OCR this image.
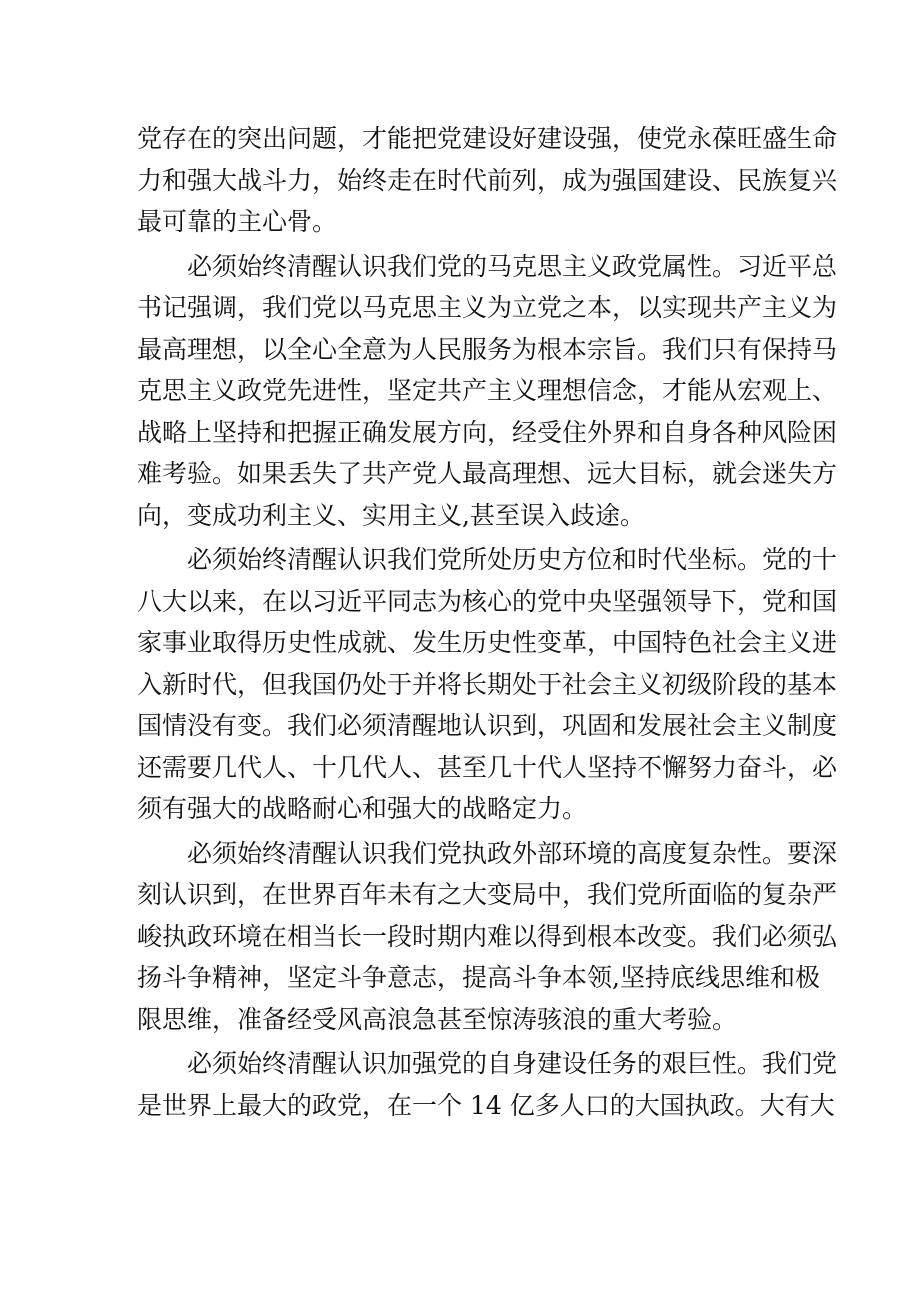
党存在的突出问题，才能把党建设好建设强，使党永葆旺盛生命
力和强大战斗力，始终走在时代前列，成为强国建设、民族复兴
最可靠的主心骨。
必须始终清醒认识我们党的马克思主义政党属性。习近平总
书记强调，我们党以马克思主义为立党之本，以实现共产主义为
最高理想，以全心全意为人民服务为根本宗旨。我们只有保持马
克思主义政党先进性，坚定共产主义理想信念，才能从宏观上、
战略上坚持和把握正确发展方向，经受住外界和自身各种风险困
难考验。如果丢失了共产党人最高理想、远大目标，就会迷失方
向，变成功利主义、实用主义,甚至误入歧途。
必须始终清醒认识我们党所处历史方位和时代坐标。党的十
八大以来，在以习近平同志为核心的党中央坚强领导下，党和国
家事业取得历史性成就、发生历史性变革，中国特色社会主义进
入新时代，但我国仍处于并将长期处于社会主义初级阶段的基本
国情没有变。我们必须清醒地认识到，巩固和发展社会主义制度
还需要几代人、十几代人、甚至几十代人坚持不懈努力奋斗，必
须有强大的战略耐心和强大的战略定力。
必须始终清醒认识我们党执政外部环境的高度复杂性。要深
刻认识到，在世界百年未有之大变局中，我们党所面临的复杂严
峻执政环境在相当长一段时期内难以得到根本改变。我们必须弘
扬斗争精神，坚定斗争意志，提高斗争本领,坚持底线思维和极
限思维，准备经受风高浪急甚至惊涛骇浪的重大考验。
必须始终清醒认识加强党的自身建设任务的艰巨性。我们党
是世界上最大的政党，在一个 14 亿多人口的大国执政。大有大
